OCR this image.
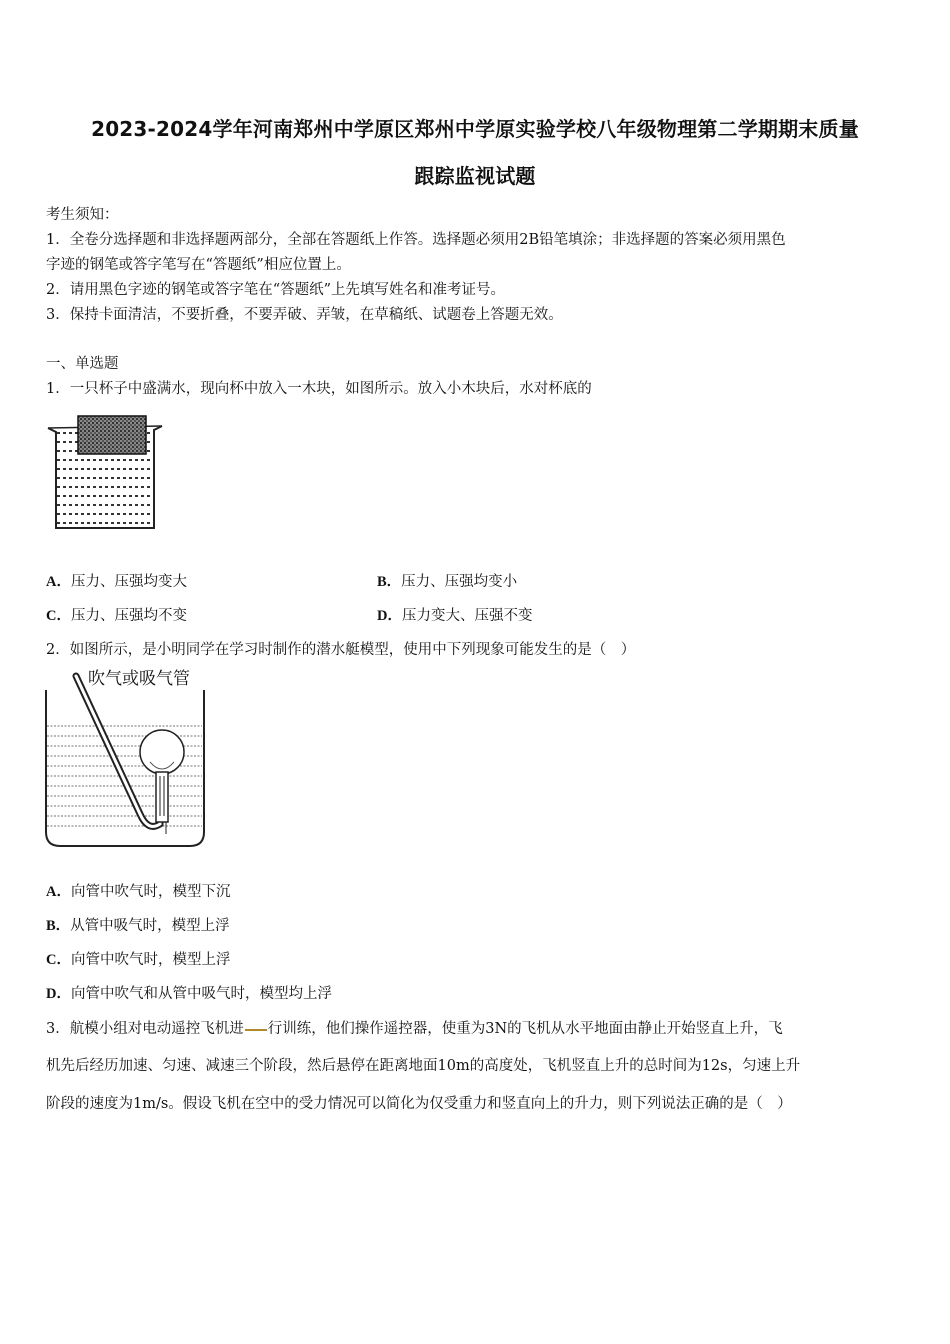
2023-2024学年河南郑州中学原区郑州中学原实验学校八年级物理第二学期期末质量
跟踪监视试题
考生须知：
1．全卷分选择题和非选择题两部分，全部在答题纸上作答。选择题必须用2B铅笔填涂；非选择题的答案必须用黑色
字迹的钢笔或答字笔写在“答题纸”相应位置上。
2．请用黑色字迹的钢笔或答字笔在“答题纸”上先填写姓名和准考证号。
3．保持卡面清洁，不要折叠，不要弄破、弄皱，在草稿纸、试题卷上答题无效。
一、单选题
1．一只杯子中盛满水，现向杯中放入一木块，如图所示。放入小木块后，水对杯底的
A．压力、压强均变大	B．压力、压强均变小
C．压力、压强均不变	D．压力变大、压强不变
2．如图所示，是小明同学在学习时制作的潜水艇模型，使用中下列现象可能发生的是（　）
吹气或吸气管
A．向管中吹气时，模型下沉
B．从管中吸气时，模型上浮
C．向管中吹气时，模型上浮
D．向管中吹气和从管中吸气时，模型均上浮
3．航模小组对电动遥控飞机进 行训练，他们操作遥控器，使重为3N的飞机从水平地面由静止开始竖直上升，飞
机先后经历加速、匀速、减速三个阶段，然后悬停在距离地面10m的高度处，飞机竖直上升的总时间为12s，匀速上升
阶段的速度为1m/s。假设飞机在空中的受力情况可以简化为仅受重力和竖直向上的升力，则下列说法正确的是（　）
